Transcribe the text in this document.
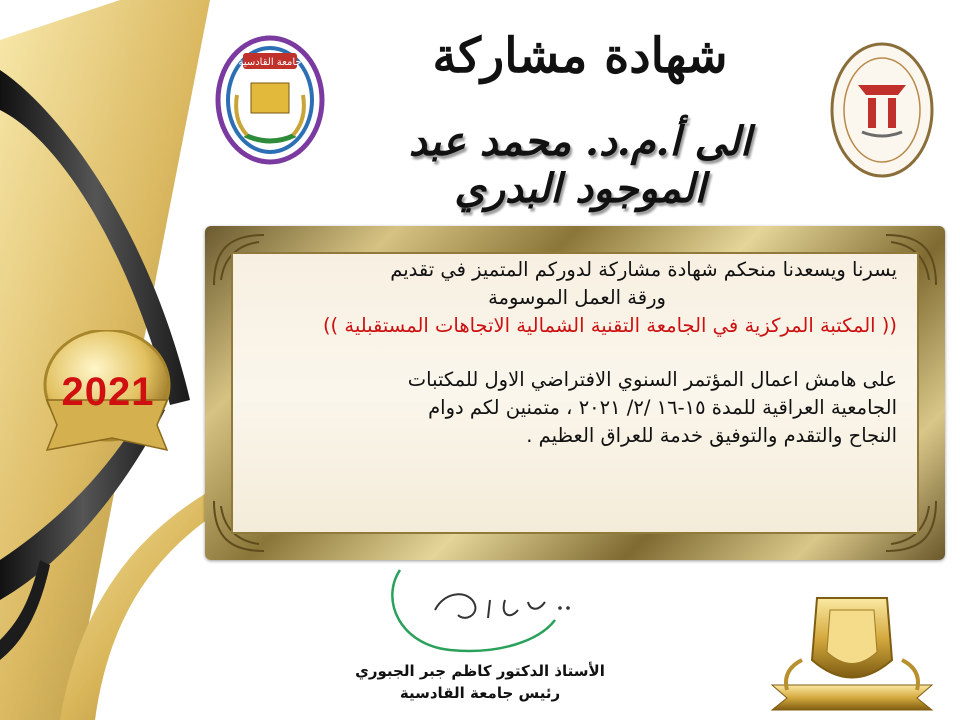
2021
جامعة القادسية	شهادة مشاركة
الى أ.م.د. محمد عبد الموجود البدري

يسرنا ويسعدنا منحكم شهادة مشاركة لدوركم المتميز في تقديم

ورقة العمل الموسومة

(( المكتبة المركزية في الجامعة التقنية الشمالية الاتجاهات المستقبلية ))

على هامش اعمال المؤتمر السنوي الافتراضي الاول للمكتبات

الجامعية العراقية للمدة ١٥-١٦ /٢/ ٢٠٢١ ، متمنين لكم دوام

النجاح والتقدم والتوفيق خدمة للعراق العظيم .

الأستاذ الدكتور كاظم جبر الجبوري
رئيس جامعة القادسية
